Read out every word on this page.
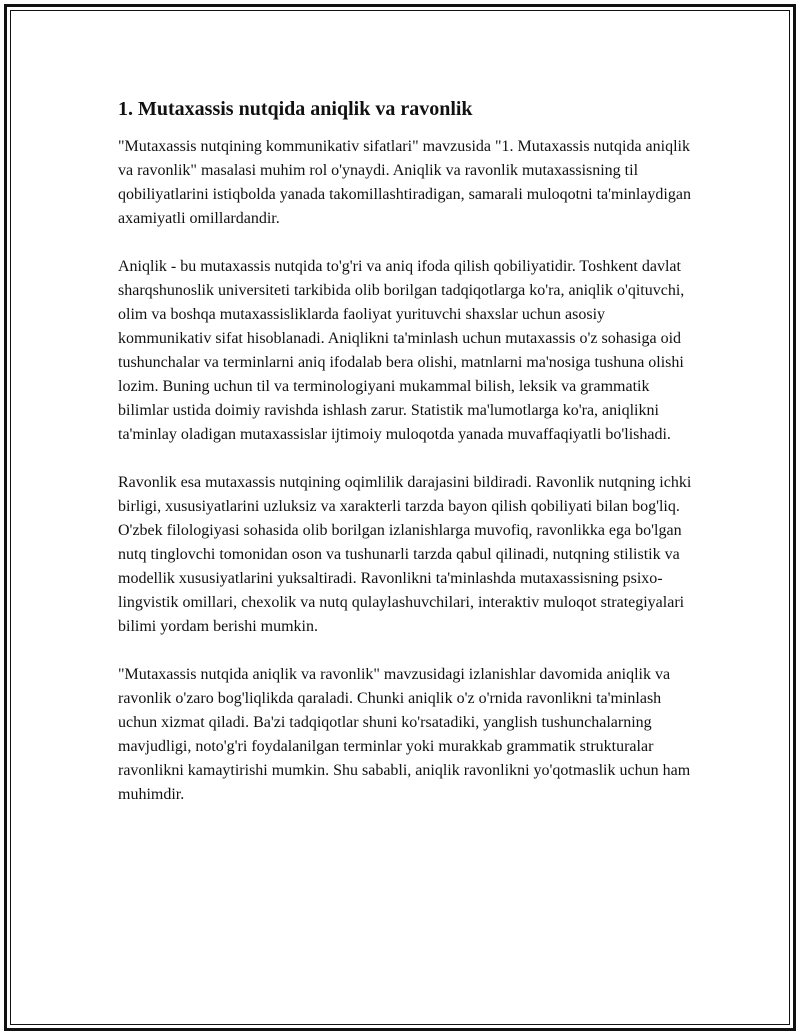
1. Mutaxassis nutqida aniqlik va ravonlik

"Mutaxassis nutqining kommunikativ sifatlari" mavzusida "1. Mutaxassis nutqida aniqlik va ravonlik" masalasi muhim rol o'ynaydi. Aniqlik va ravonlik mutaxassisning til qobiliyatlarini istiqbolda yanada takomillashtiradigan, samarali muloqotni ta'minlaydigan axamiyatli omillardandir.

Aniqlik - bu mutaxassis nutqida to'g'ri va aniq ifoda qilish qobiliyatidir. Toshkent davlat sharqshunoslik universiteti tarkibida olib borilgan tadqiqotlarga ko'ra, aniqlik o'qituvchi, olim va boshqa mutaxassisliklarda faoliyat yurituvchi shaxslar uchun asosiy kommunikativ sifat hisoblanadi. Aniqlikni ta'minlash uchun mutaxassis o'z sohasiga oid tushunchalar va terminlarni aniq ifodalab bera olishi, matnlarni ma'nosiga tushuna olishi lozim. Buning uchun til va terminologiyani mukammal bilish, leksik va grammatik bilimlar ustida doimiy ravishda ishlash zarur. Statistik ma'lumotlarga ko'ra, aniqlikni ta'minlay oladigan mutaxassislar ijtimoiy muloqotda yanada muvaffaqiyatli bo'lishadi.

Ravonlik esa mutaxassis nutqining oqimlilik darajasini bildiradi. Ravonlik nutqning ichki birligi, xususiyatlarini uzluksiz va xarakterli tarzda bayon qilish qobiliyati bilan bog'liq. O'zbek filologiyasi sohasida olib borilgan izlanishlarga muvofiq, ravonlikka ega bo'lgan nutq tinglovchi tomonidan oson va tushunarli tarzda qabul qilinadi, nutqning stilistik va modellik xususiyatlarini yuksaltiradi. Ravonlikni ta'minlashda mutaxassisning psixo-lingvistik omillari, chexolik va nutq qulaylashuvchilari, interaktiv muloqot strategiyalari bilimi yordam berishi mumkin.

"Mutaxassis nutqida aniqlik va ravonlik" mavzusidagi izlanishlar davomida aniqlik va ravonlik o'zaro bog'liqlikda qaraladi. Chunki aniqlik o'z o'rnida ravonlikni ta'minlash uchun xizmat qiladi. Ba'zi tadqiqotlar shuni ko'rsatadiki, yanglish tushunchalarning mavjudligi, noto'g'ri foydalanilgan terminlar yoki murakkab grammatik strukturalar ravonlikni kamaytirishi mumkin. Shu sababli, aniqlik ravonlikni yo'qotmaslik uchun ham muhimdir.
